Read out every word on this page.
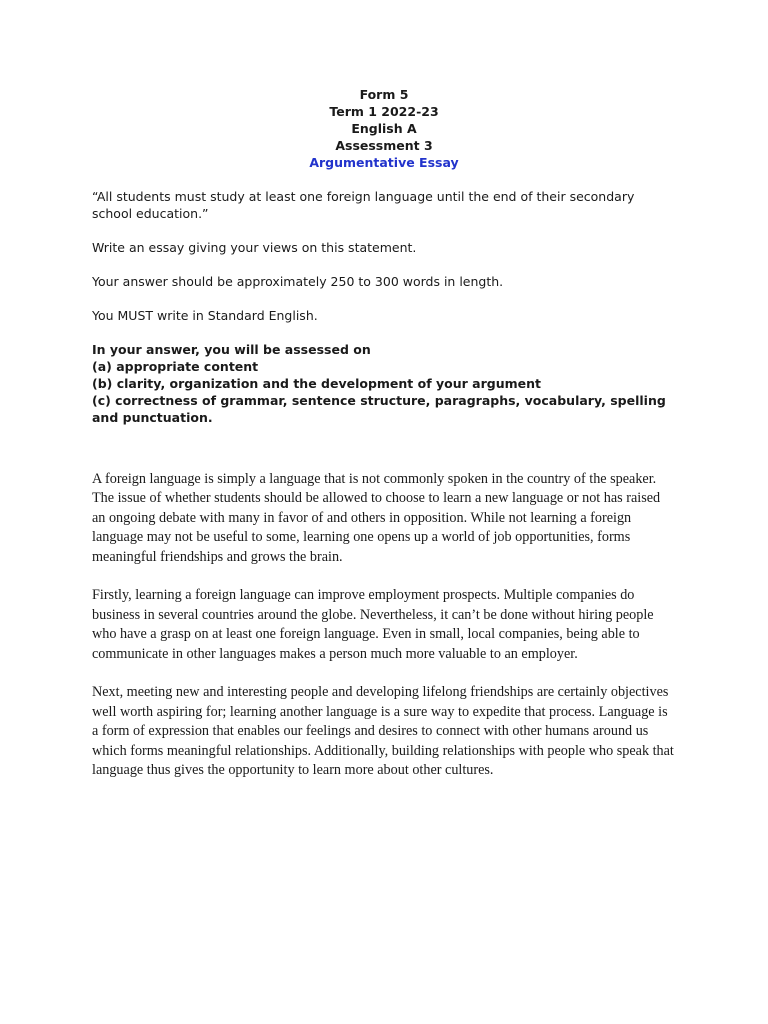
Form 5
Term 1 2022-23
English A
Assessment 3
Argumentative Essay

“All students must study at least one foreign language until the end of their secondary school education.”

Write an essay giving your views on this statement.

Your answer should be approximately 250 to 300 words in length.

You MUST write in Standard English.

In your answer, you will be assessed on
(a) appropriate content
(b) clarity, organization and the development of your argument
(c) correctness of grammar, sentence structure, paragraphs, vocabulary, spelling
and punctuation.

A foreign language is simply a language that is not commonly spoken in the country of the speaker. The issue of whether students should be allowed to choose to learn a new language or not has raised an ongoing debate with many in favor of and others in opposition. While not learning a foreign language may not be useful to some, learning one opens up a world of job opportunities, forms meaningful friendships and grows the brain.

Firstly, learning a foreign language can improve employment prospects. Multiple companies do business in several countries around the globe. Nevertheless, it can’t be done without hiring people who have a grasp on at least one foreign language. Even in small, local companies, being able to communicate in other languages makes a person much more valuable to an employer.

Next, meeting new and interesting people and developing lifelong friendships are certainly objectives well worth aspiring for; learning another language is a sure way to expedite that process. Language is a form of expression that enables our feelings and desires to connect with other humans around us which forms meaningful relationships. Additionally, building relationships with people who speak that language thus gives the opportunity to learn more about other cultures.
